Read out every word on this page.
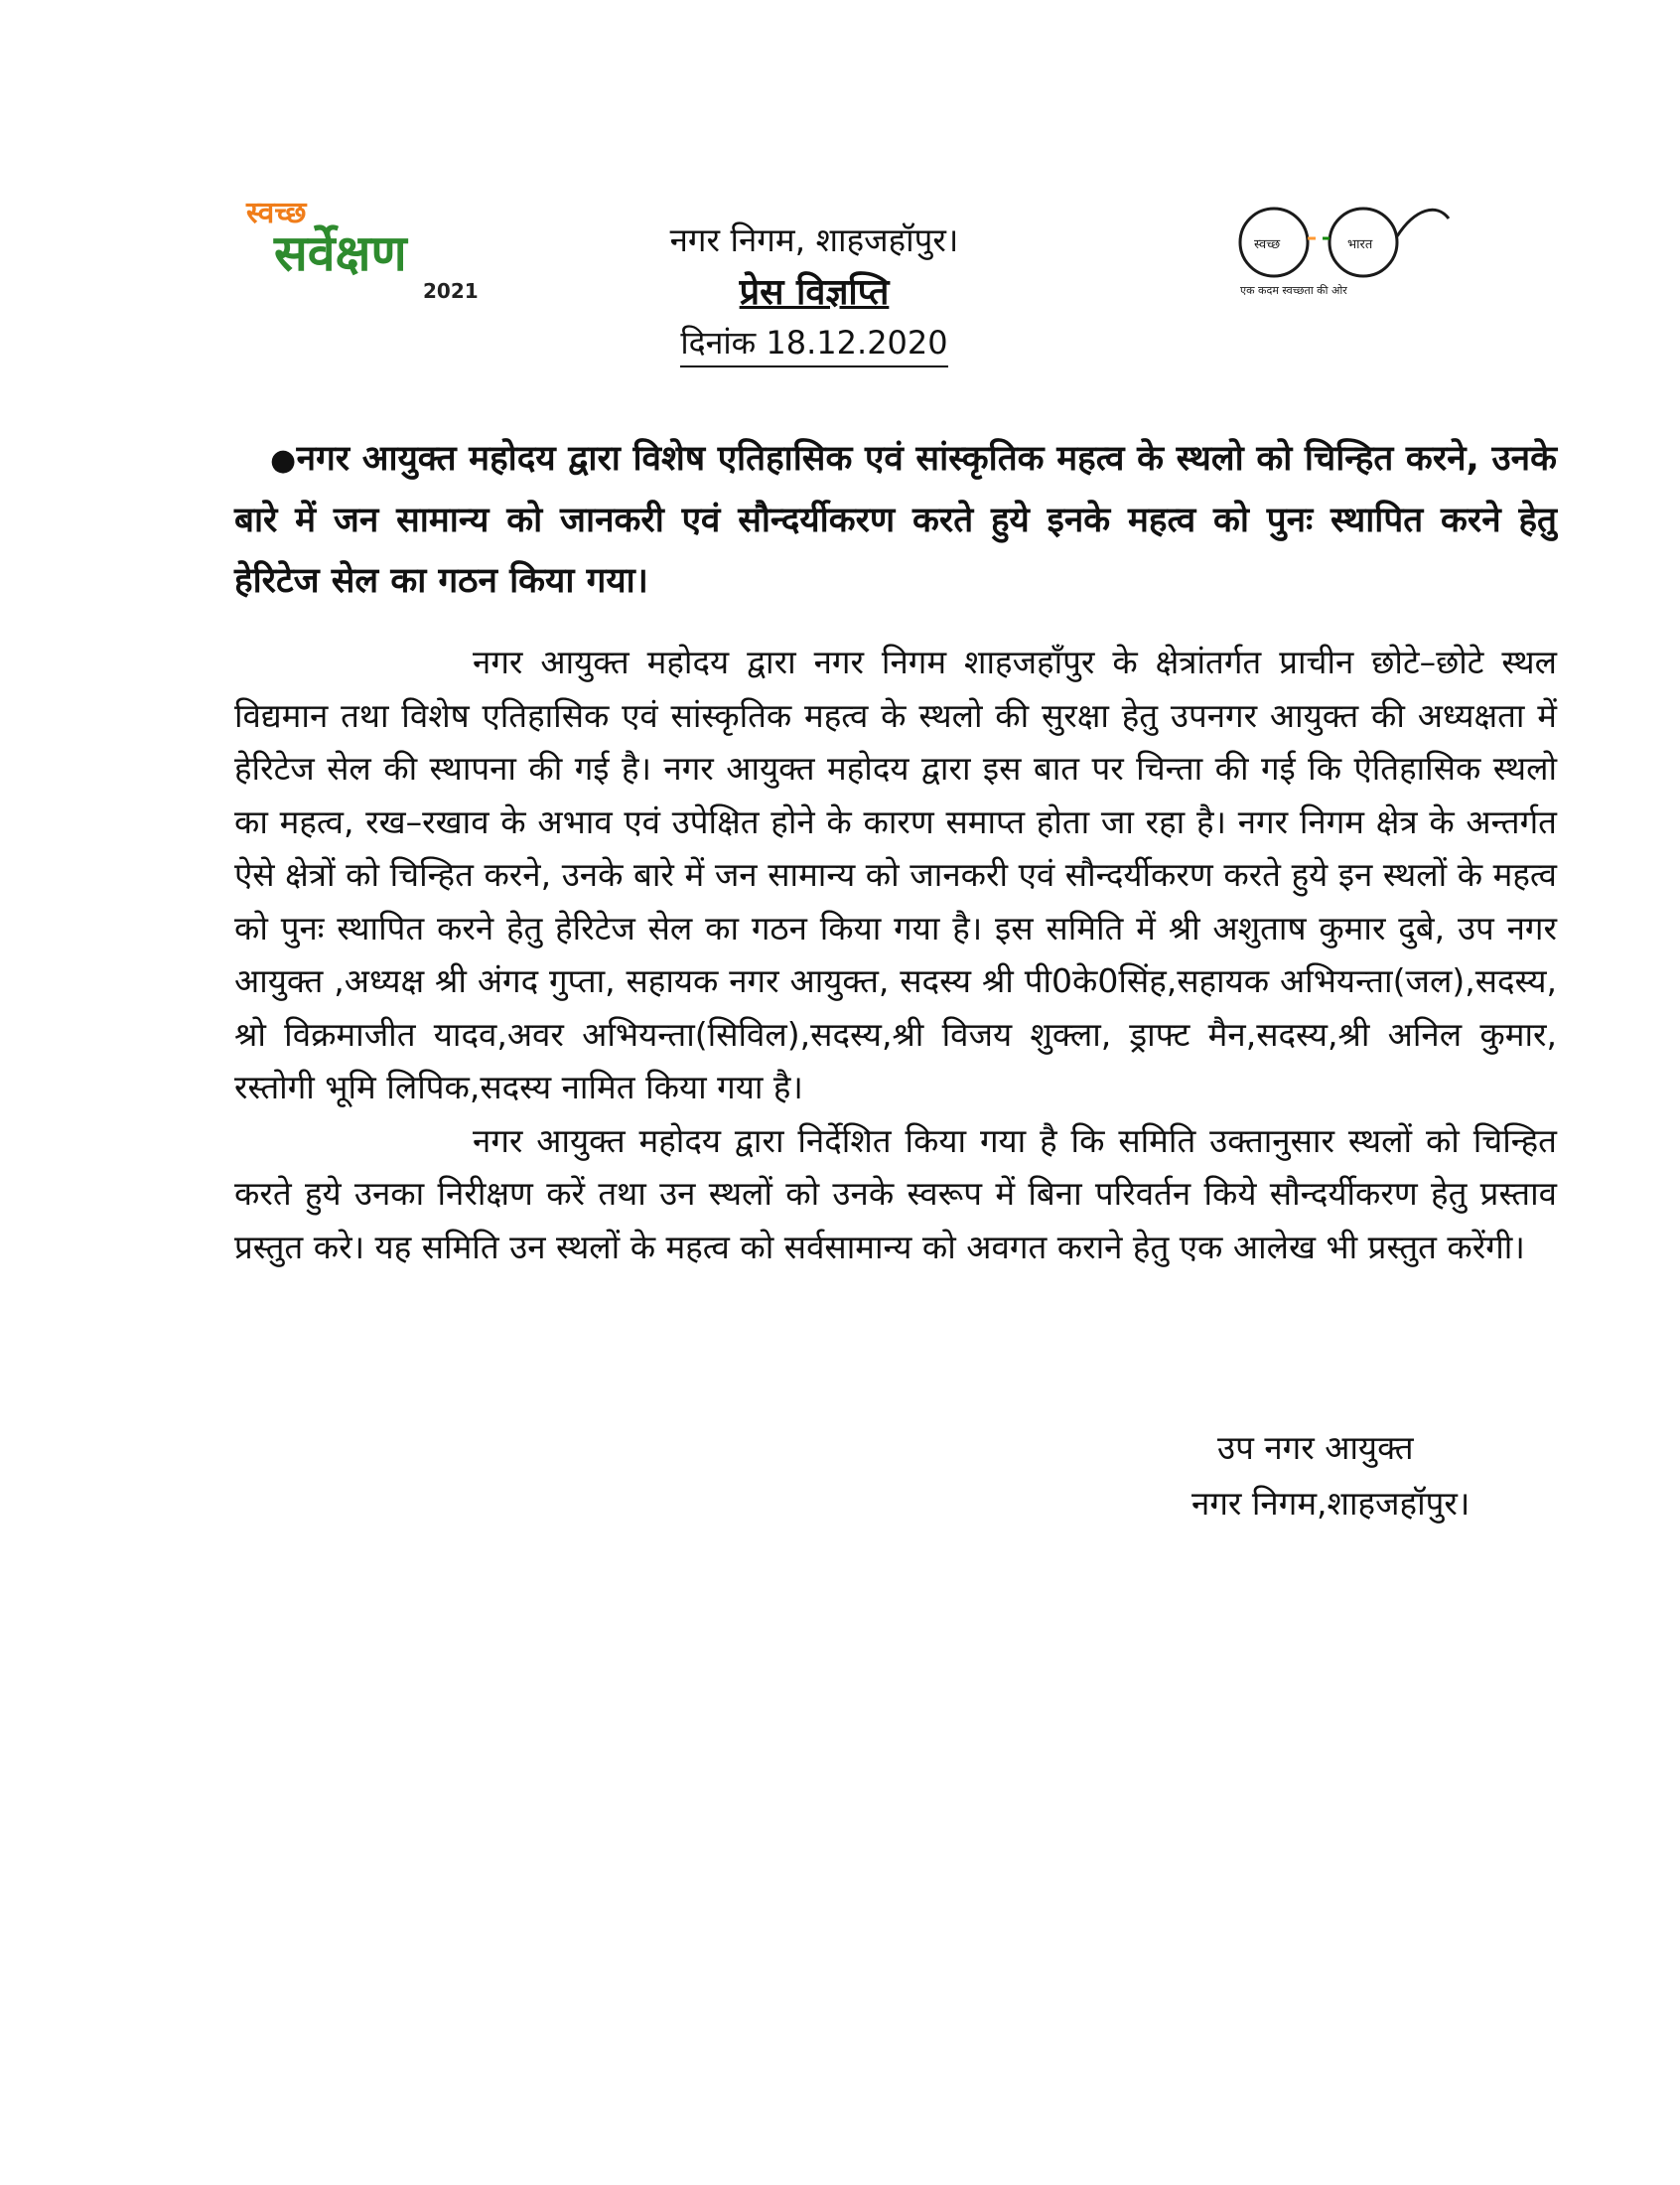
स्वच्छ
सर्वेक्षण
2021
स्वच्छ	भारत
एक कदम स्वच्छता की ओर
नगर निगम, शाहजहॉपुर।
प्रेस विज्ञप्ति
दिनांक 18.12.2020

●नगर आयुक्त महोदय द्वारा विशेष एतिहासिक एवं सांस्कृतिक महत्व के स्थलो को चिन्हित करने, उनके बारे में जन सामान्य को जानकरी एवं सौन्दर्यीकरण करते हुये इनके महत्व को पुनः स्थापित करने हेतु हेरिटेज सेल का गठन किया गया।

नगर आयुक्त महोदय द्वारा नगर निगम शाहजहाँपुर के क्षेत्रांतर्गत प्राचीन छोटे–छोटे स्थल विद्यमान तथा विशेष एतिहासिक एवं सांस्कृतिक महत्व के स्थलो की सुरक्षा हेतु उपनगर आयुक्त की अध्यक्षता में हेरिटेज सेल की स्थापना की गई है। नगर आयुक्त महोदय द्वारा इस बात पर चिन्ता की गई कि ऐतिहासिक स्थलो का महत्व, रख–रखाव के अभाव एवं उपेक्षित होने के कारण समाप्त होता जा रहा है। नगर निगम क्षेत्र के अन्तर्गत ऐसे क्षेत्रों को चिन्हित करने, उनके बारे में जन सामान्य को जानकरी एवं सौन्दर्यीकरण करते हुये इन स्थलों के महत्व को पुनः स्थापित करने हेतु हेरिटेज सेल का गठन किया गया है। इस समिति में श्री अशुताष कुमार दुबे, उप नगर आयुक्त ,अध्यक्ष श्री अंगद गुप्ता, सहायक नगर आयुक्त, सदस्य श्री पी0के0सिंह,सहायक अभियन्ता(जल),सदस्य, श्रो विक्रमाजीत यादव,अवर अभियन्ता(सिविल),सदस्य,श्री विजय शुक्ला, ड्राफ्ट मैन,सदस्य,श्री अनिल कुमार, रस्तोगी भूमि लिपिक,सदस्य नामित किया गया है।

नगर आयुक्त महोदय द्वारा निर्देशित किया गया है कि समिति उक्तानुसार स्थलों को चिन्हित करते हुये उनका निरीक्षण करें तथा उन स्थलों को उनके स्वरूप में बिना परिवर्तन किये सौन्दर्यीकरण हेतु प्रस्ताव प्रस्तुत करे। यह समिति उन स्थलों के महत्व को सर्वसामान्य को अवगत कराने हेतु एक आलेख भी प्रस्तुत करेंगी।

उप नगर आयुक्त
नगर निगम,शाहजहॉपुर।
